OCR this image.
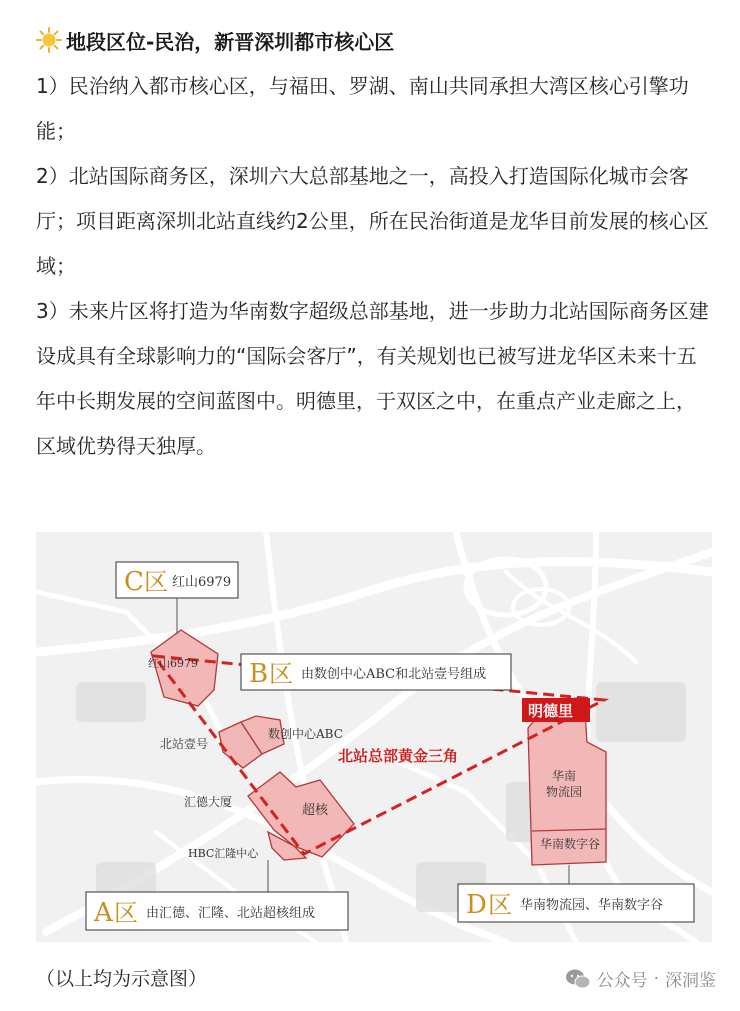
地段区位-民治，新晋深圳都市核心区
1）民治纳入都市核心区，与福田、罗湖、南山共同承担大湾区核心引擎功能；
2）北站国际商务区，深圳六大总部基地之一，高投入打造国际化城市会客厅；项目距离深圳北站直线约2公里，所在民治街道是龙华目前发展的核心区域；
3）未来片区将打造为华南数字超级总部基地，进一步助力北站国际商务区建设成具有全球影响力的“国际会客厅”，有关规划也已被写进龙华区未来十五年中长期发展的空间蓝图中。明德里，于双区之中，在重点产业走廊之上，区域优势得天独厚。
C 区 红山6979
B 区 由数创中心ABC和北站壹号组成
A 区 由汇德、汇隆、北站超核组成	D 区 华南物流园、华南数字谷
红山6979
北站壹号
数创中心ABC
汇德大厦
超核
HBC汇隆中心
华南
物流园
华南数字谷
北站总部黄金三角
明德里
（以上均为示意图）	公众号 · 深洞鉴
